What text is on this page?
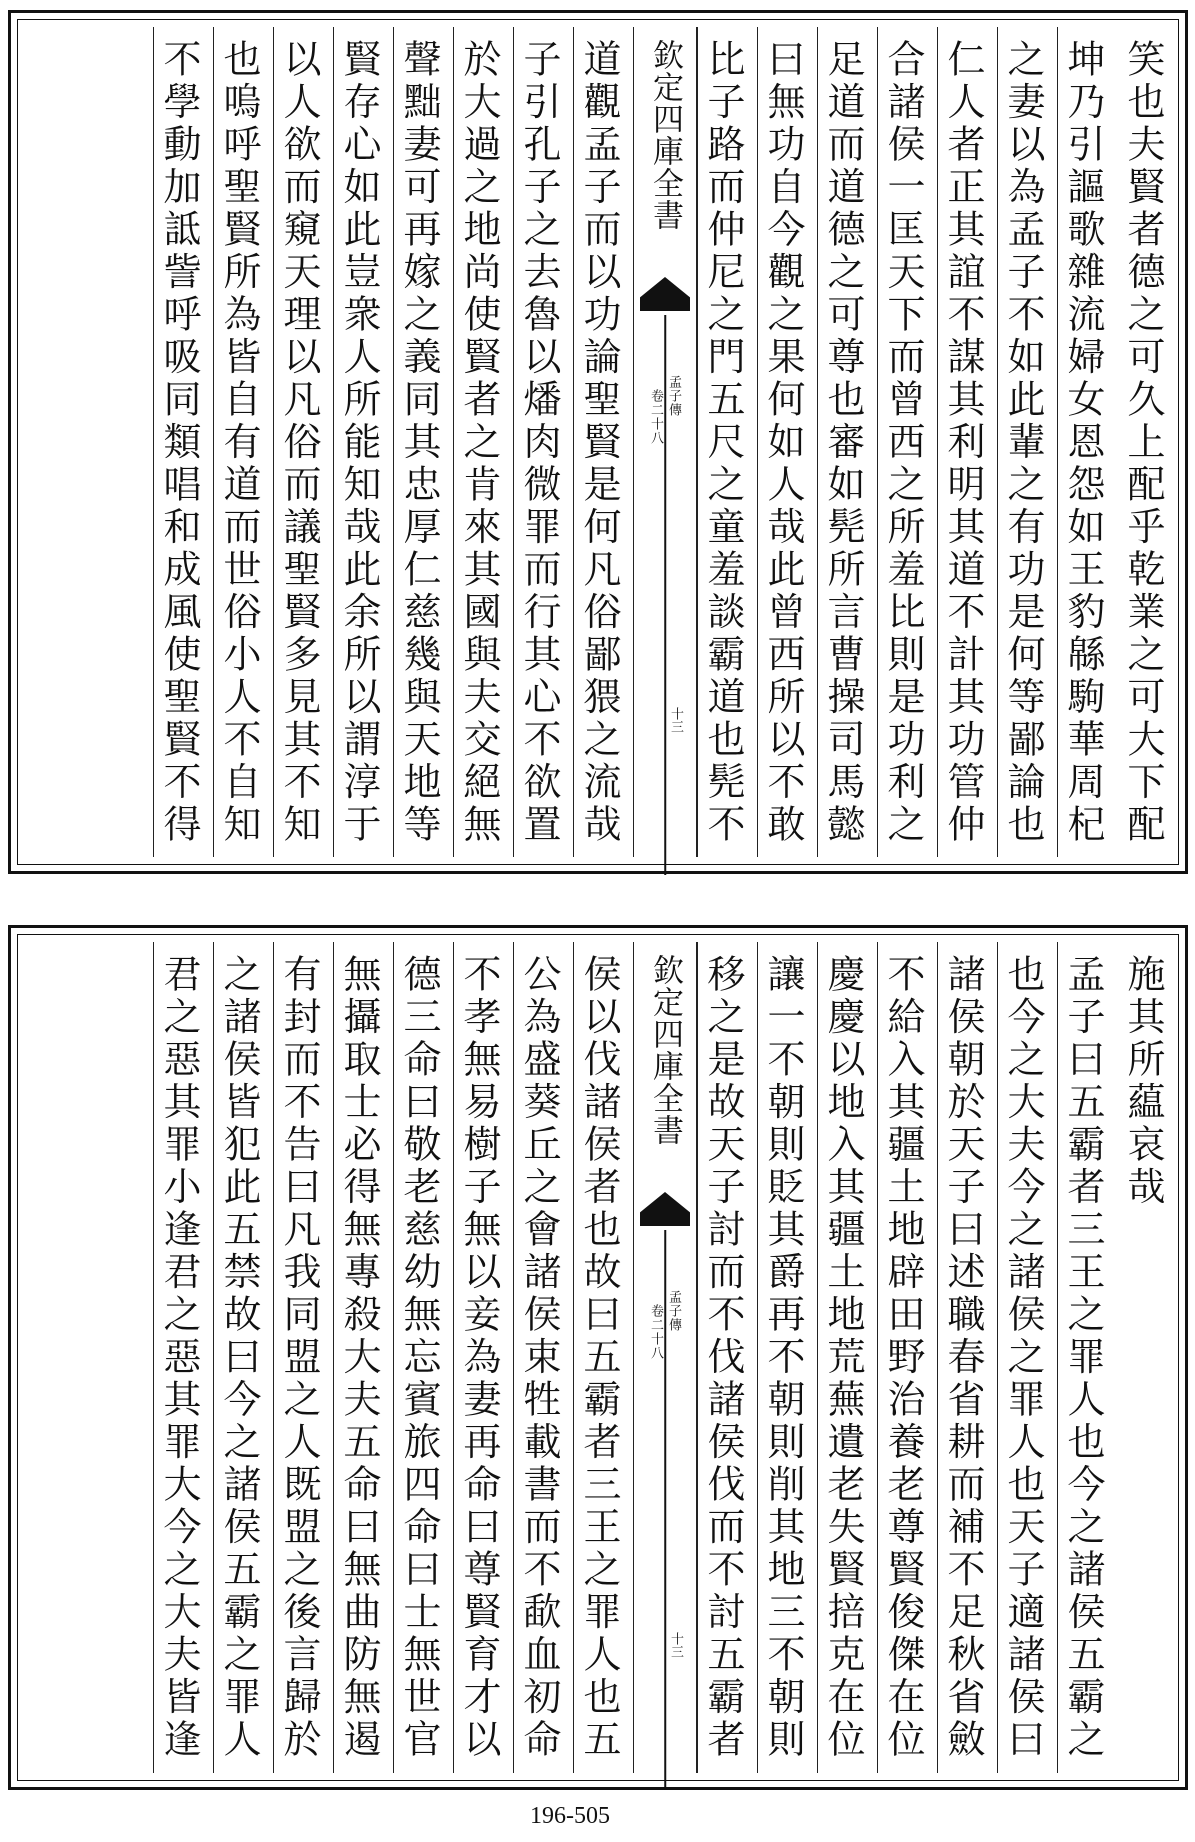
笑也夫賢者德之可久上配乎乾業之可大下配
坤乃引謳歌雜流婦女恩怨如王豹緜駒華周杞
之妻以為孟子不如此輩之有功是何等鄙論也
仁人者正其誼不謀其利明其道不計其功管仲
合諸侯一匡天下而曾西之所羞比則是功利之
足道而道德之可尊也審如髡所言曹操司馬懿
曰無功自今觀之果何如人哉此曾西所以不敢
比子路而仲尼之門五尺之童羞談霸道也髡不
欽定四庫全書
孟子傳
卷二十八
十三
道觀孟子而以功論聖賢是何凡俗鄙猥之流哉
子引孔子之去魯以燔肉微罪而行其心不欲置
於大過之地尚使賢者之肯來其國與夫交絕無
聲黜妻可再嫁之義同其忠厚仁慈幾與天地等
賢存心如此豈衆人所能知哉此余所以謂淳于
以人欲而窺天理以凡俗而議聖賢多見其不知
也嗚呼聖賢所為皆自有道而世俗小人不自知
不學動加詆訾呼吸同類唱和成風使聖賢不得
施其所藴哀哉
孟子曰五霸者三王之罪人也今之諸侯五霸之
也今之大夫今之諸侯之罪人也天子適諸侯曰
諸侯朝於天子曰述職春省耕而補不足秋省斂
不給入其疆土地辟田野治養老尊賢俊傑在位
慶慶以地入其疆土地荒蕪遺老失賢掊克在位
讓一不朝則貶其爵再不朝則削其地三不朝則
移之是故天子討而不伐諸侯伐而不討五霸者
欽定四庫全書
孟子傳
卷二十八
十三
侯以伐諸侯者也故曰五霸者三王之罪人也五
公為盛葵丘之會諸侯束牲載書而不歃血初命
不孝無易樹子無以妾為妻再命曰尊賢育才以
德三命曰敬老慈幼無忘賓旅四命曰士無世官
無攝取士必得無專殺大夫五命曰無曲防無遏
有封而不告曰凡我同盟之人既盟之後言歸於
之諸侯皆犯此五禁故曰今之諸侯五霸之罪人
君之惡其罪小逢君之惡其罪大今之大夫皆逢
196-505
